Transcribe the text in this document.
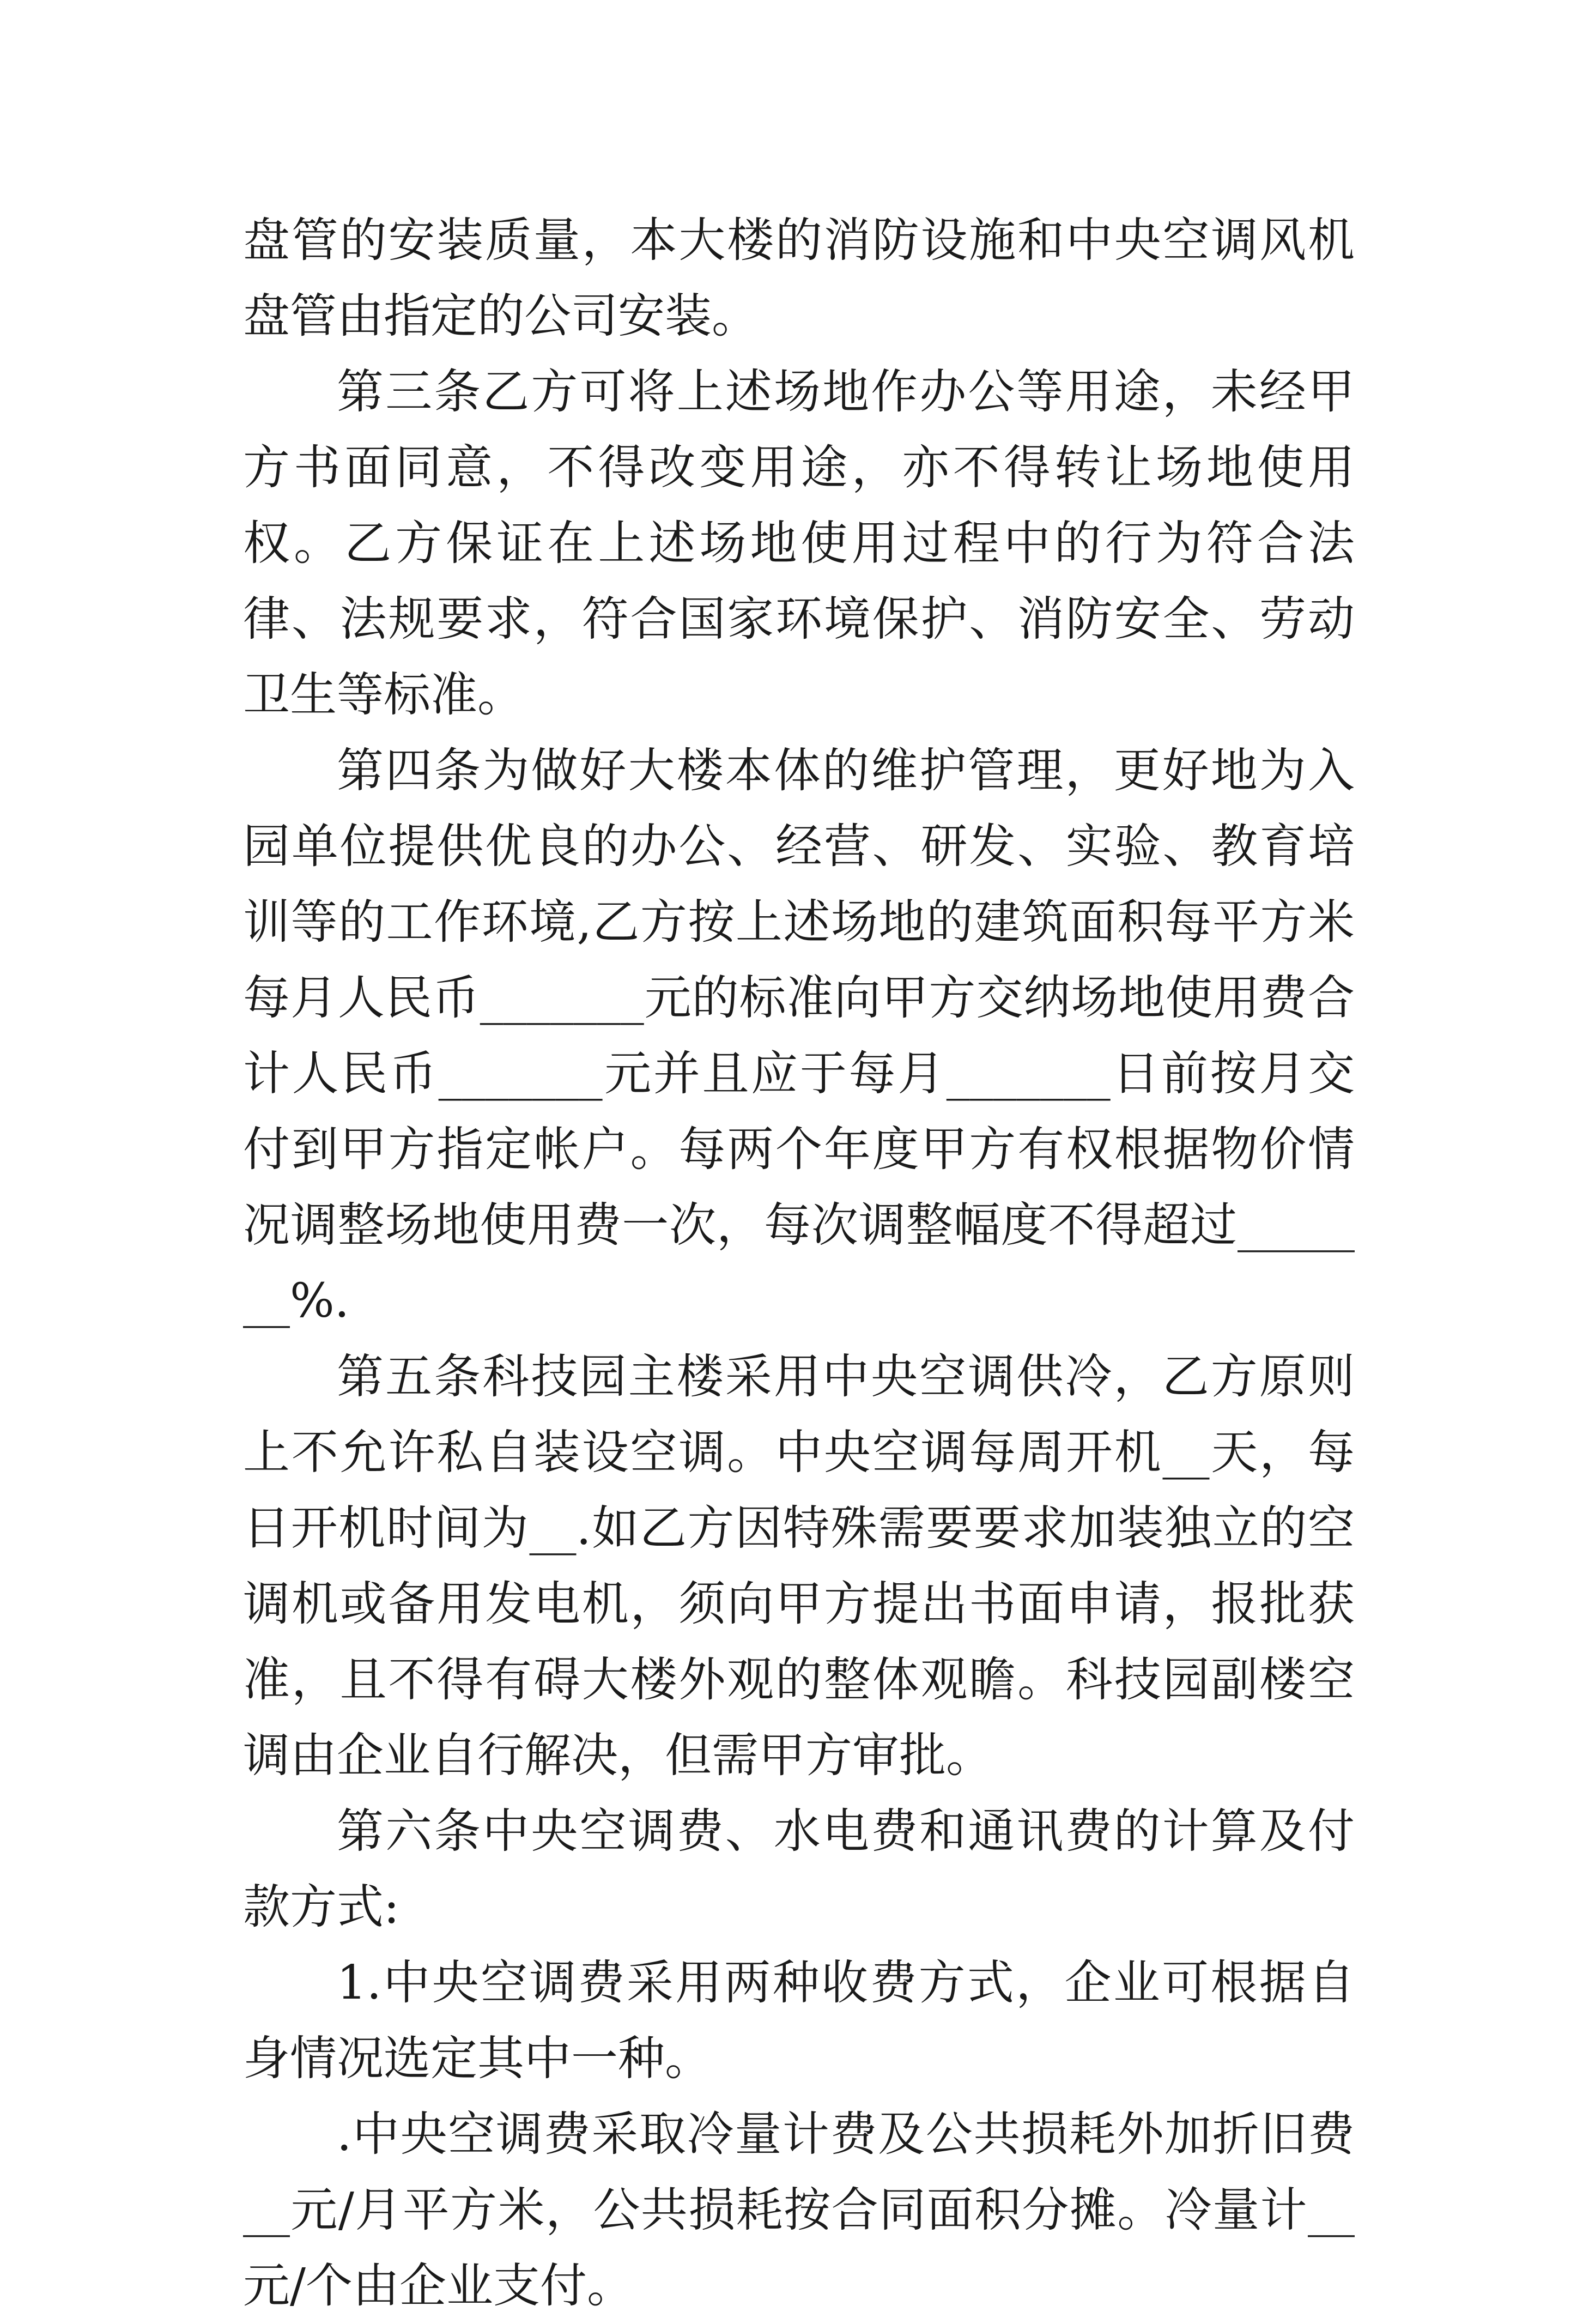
盘管的安装质量，本大楼的消防设施和中央空调风机盘管由指定的公司安装。

第三条乙方可将上述场地作办公等用途，未经甲方书面同意，不得改变用途，亦不得转让场地使用权。乙方保证在上述场地使用过程中的行为符合法律、法规要求，符合国家环境保护、消防安全、劳动卫生等标准。

第四条为做好大楼本体的维护管理，更好地为入园单位提供优良的办公、经营、研发、实验、教育培训等的工作环境,乙方按上述场地的建筑面积每平方米每月人民币_______元的标准向甲方交纳场地使用费合计人民币_______元并且应于每月_______日前按月交付到甲方指定帐户。每两个年度甲方有权根据物价情况调整场地使用费一次，每次调整幅度不得超过_______%.

第五条科技园主楼采用中央空调供冷，乙方原则上不允许私自装设空调。中央空调每周开机__天，每日开机时间为__.如乙方因特殊需要要求加装独立的空调机或备用发电机，须向甲方提出书面申请，报批获准，且不得有碍大楼外观的整体观瞻。科技园副楼空调由企业自行解决，但需甲方审批。

第六条中央空调费、水电费和通讯费的计算及付款方式:

1.中央空调费采用两种收费方式，企业可根据自身情况选定其中一种。

.中央空调费采取冷量计费及公共损耗外加折旧费__元/月平方米，公共损耗按合同面积分摊。冷量计__元/个由企业支付。
